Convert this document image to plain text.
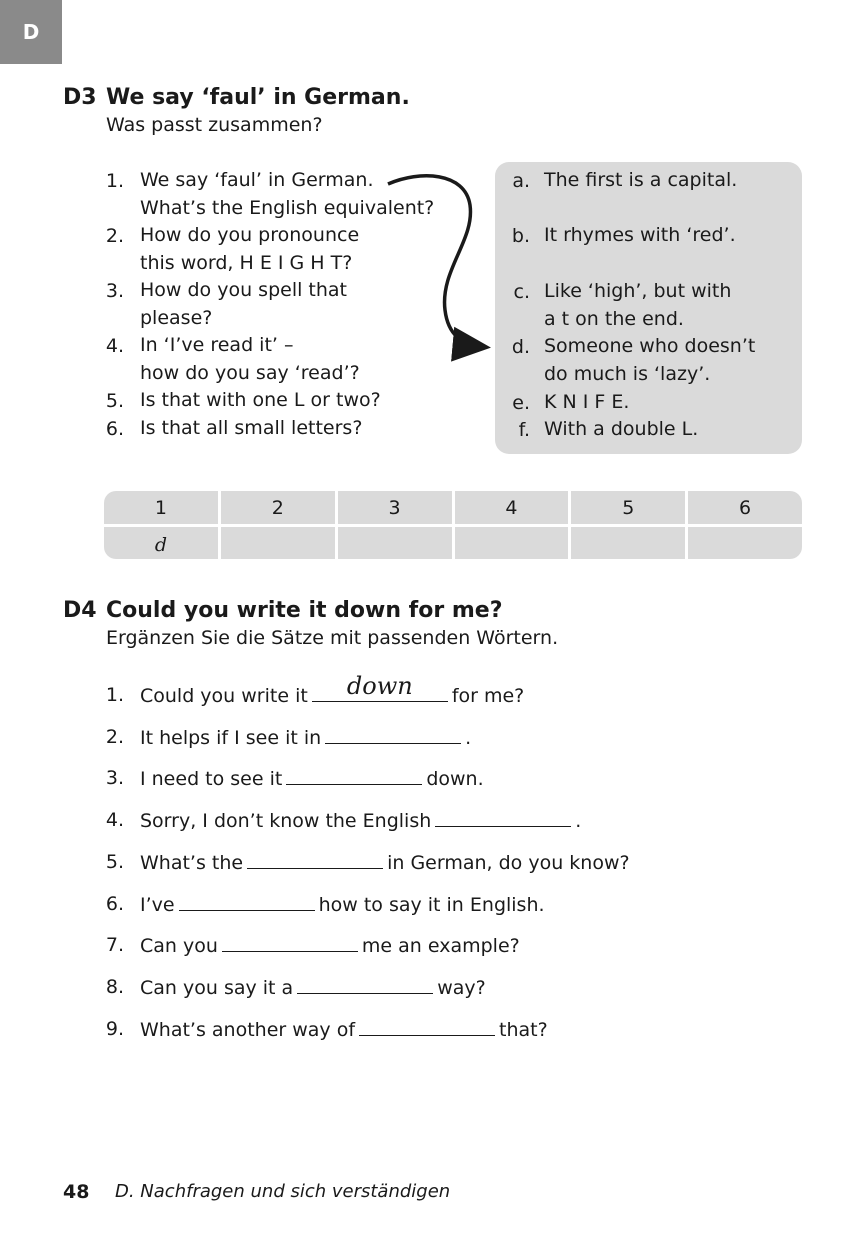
D
D3 We say ‘faul’ in German.
Was passt zusammen?
1. We say ‘faul’ in German.
What’s the English equivalent?
2. How do you pronounce
this word, H E I G H T?
3. How do you spell that
please?
4. In ‘I’ve read it’ –
how do you say ‘read’?
5. Is that with one L or two?
6. Is that all small letters?
a. The first is a capital.
b. It rhymes with ‘red’.
c. Like ‘high’, but with
a t on the end.
d. Someone who doesn’t
do much is ‘lazy’.
e. K N I F E.
f. With a double L.
1	2	3	4	5	6
d
D4 Could you write it down for me?
Ergänzen Sie die Sätze mit passenden Wörtern.
1. Could you write it	down	for me?
2. It helps if I see it in	.
3. I need to see it	down.
4. Sorry, I don’t know the English	.
5. What’s the	in German, do you know?
6. I’ve	how to say it in English.
7. Can you	me an example?
8. Can you say it a	way?
9. What’s another way of	that?
48 D. Nachfragen und sich verständigen
